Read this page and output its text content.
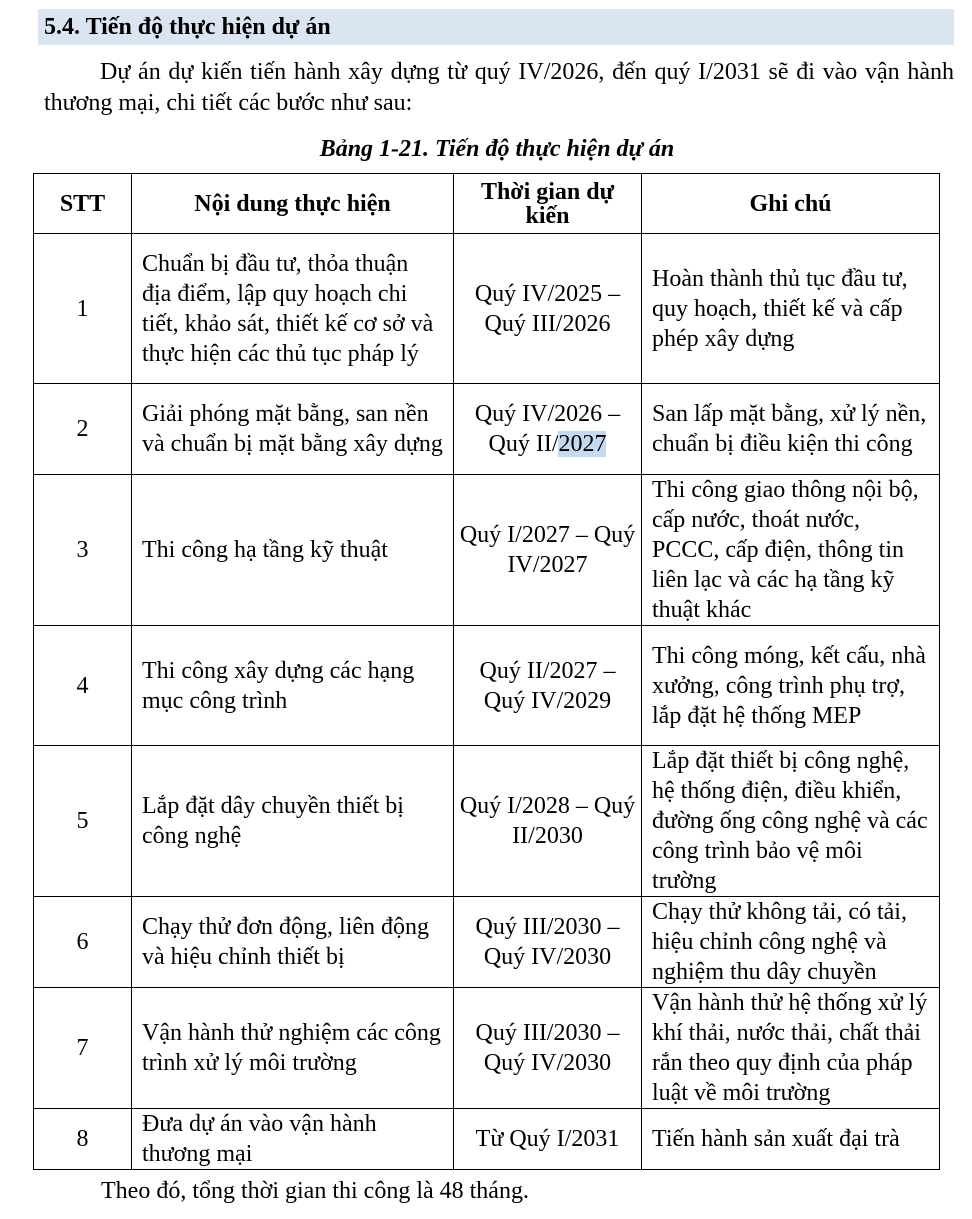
5.4. Tiến độ thực hiện dự án
Dự án dự kiến tiến hành xây dựng từ quý IV/2026, đến quý I/2031 sẽ đi vào vận hành thương mại, chi tiết các bước như sau:
Bảng 1-21. Tiến độ thực hiện dự án
STT	Nội dung thực hiện	Thời gian dự kiến	Ghi chú
1	Chuẩn bị đầu tư, thỏa thuận địa điểm, lập quy hoạch chi tiết, khảo sát, thiết kế cơ sở và thực hiện các thủ tục pháp lý	Quý IV/2025 – Quý III/2026	Hoàn thành thủ tục đầu tư, quy hoạch, thiết kế và cấp phép xây dựng
2	Giải phóng mặt bằng, san nền và chuẩn bị mặt bằng xây dựng	Quý IV/2026 – Quý II/2027	San lấp mặt bằng, xử lý nền, chuẩn bị điều kiện thi công
3	Thi công hạ tầng kỹ thuật	Quý I/2027 – Quý IV/2027	Thi công giao thông nội bộ, cấp nước, thoát nước, PCCC, cấp điện, thông tin liên lạc và các hạ tầng kỹ thuật khác
4	Thi công xây dựng các hạng mục công trình	Quý II/2027 – Quý IV/2029	Thi công móng, kết cấu, nhà xưởng, công trình phụ trợ, lắp đặt hệ thống MEP
5	Lắp đặt dây chuyền thiết bị công nghệ	Quý I/2028 – Quý II/2030	Lắp đặt thiết bị công nghệ, hệ thống điện, điều khiển, đường ống công nghệ và các công trình bảo vệ môi trường
6	Chạy thử đơn động, liên động và hiệu chỉnh thiết bị	Quý III/2030 – Quý IV/2030	Chạy thử không tải, có tải, hiệu chỉnh công nghệ và nghiệm thu dây chuyền
7	Vận hành thử nghiệm các công trình xử lý môi trường	Quý III/2030 – Quý IV/2030	Vận hành thử hệ thống xử lý khí thải, nước thải, chất thải rắn theo quy định của pháp luật về môi trường
8	Đưa dự án vào vận hành thương mại	Từ Quý I/2031	Tiến hành sản xuất đại trà
Theo đó, tổng thời gian thi công là 48 tháng.
